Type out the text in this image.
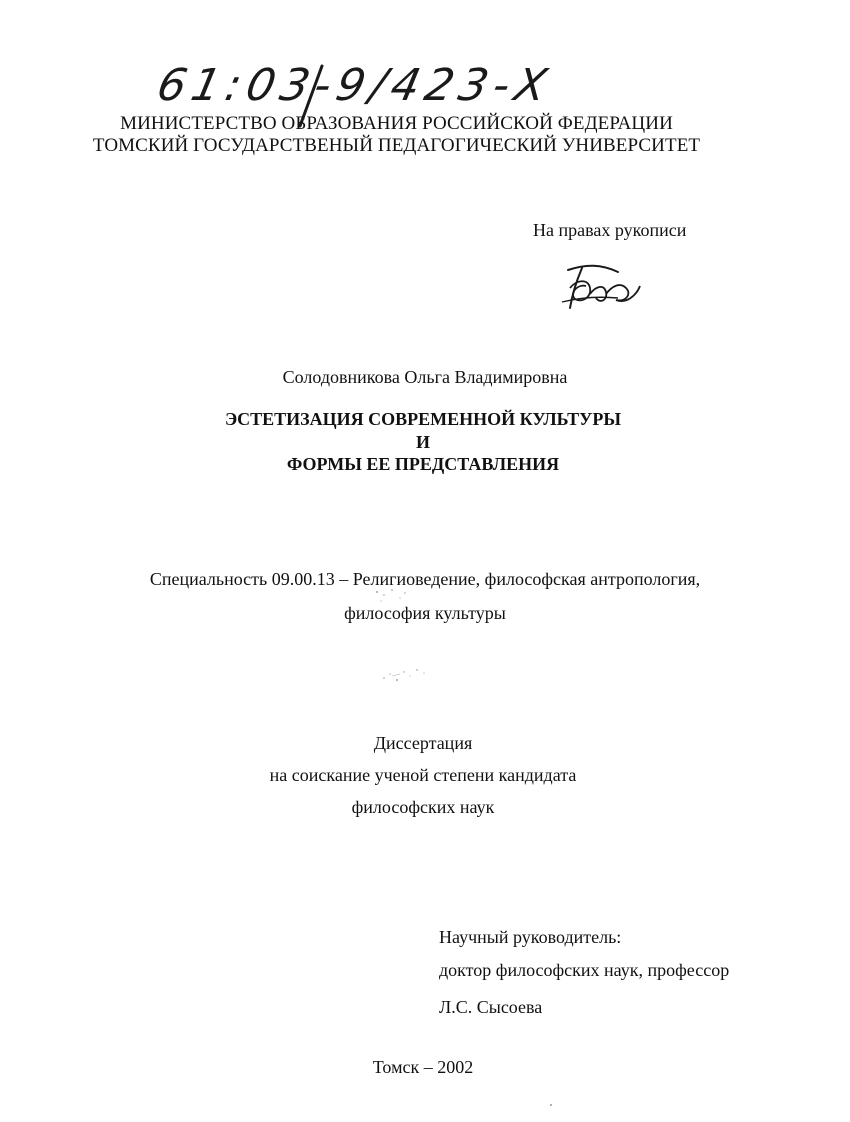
61:03-9/423-Х
МИНИСТЕРСТВО ОБРАЗОВАНИЯ РОССИЙСКОЙ ФЕДЕРАЦИИ
ТОМСКИЙ ГОСУДАРСТВЕНЫЙ ПЕДАГОГИЧЕСКИЙ УНИВЕРСИТЕТ
На правах рукописи
Солодовникова Ольга Владимировна
ЭСТЕТИЗАЦИЯ СОВРЕМЕННОЙ КУЛЬТУРЫ
И
ФОРМЫ ЕЕ ПРЕДСТАВЛЕНИЯ
Специальность 09.00.13 – Религиоведение, философская антропология,
философия культуры
Диссертация
на соискание ученой степени кандидата
философских наук
Научный руководитель:
доктор философских наук, профессор
Л.С. Сысоева
Томск – 2002
